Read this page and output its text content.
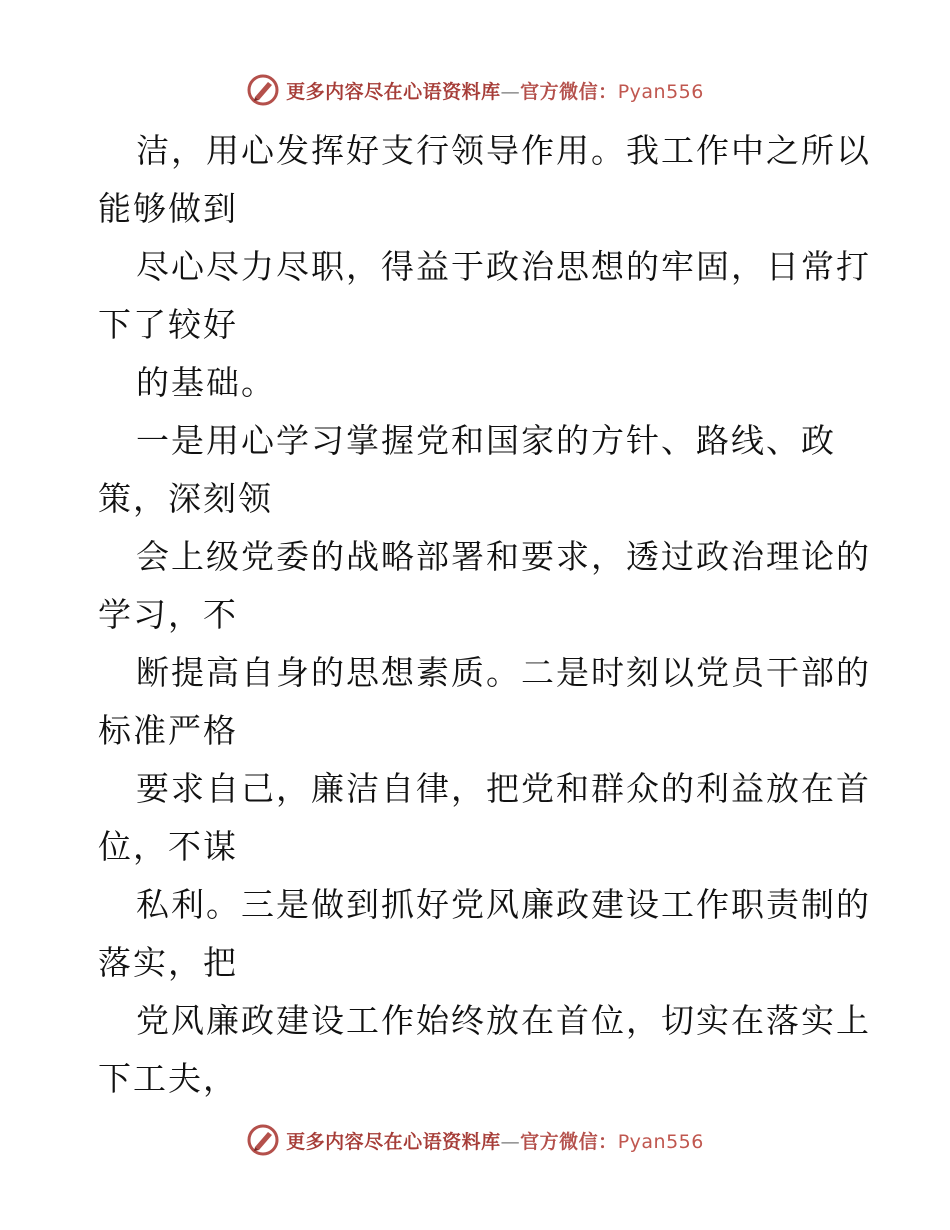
更多内容尽在心语资料库—官方微信：Pyan556
洁，用心发挥好支行领导作用。我工作中之所以
能够做到
尽心尽力尽职，得益于政治思想的牢固，日常打
下了较好
的基础。
一是用心学习掌握党和国家的方针、路线、政
策，深刻领
会上级党委的战略部署和要求，透过政治理论的
学习，不
断提高自身的思想素质。二是时刻以党员干部的
标准严格
要求自己，廉洁自律，把党和群众的利益放在首
位，不谋
私利。三是做到抓好党风廉政建设工作职责制的
落实，把
党风廉政建设工作始终放在首位，切实在落实上
下工夫，
更多内容尽在心语资料库—官方微信：Pyan556
